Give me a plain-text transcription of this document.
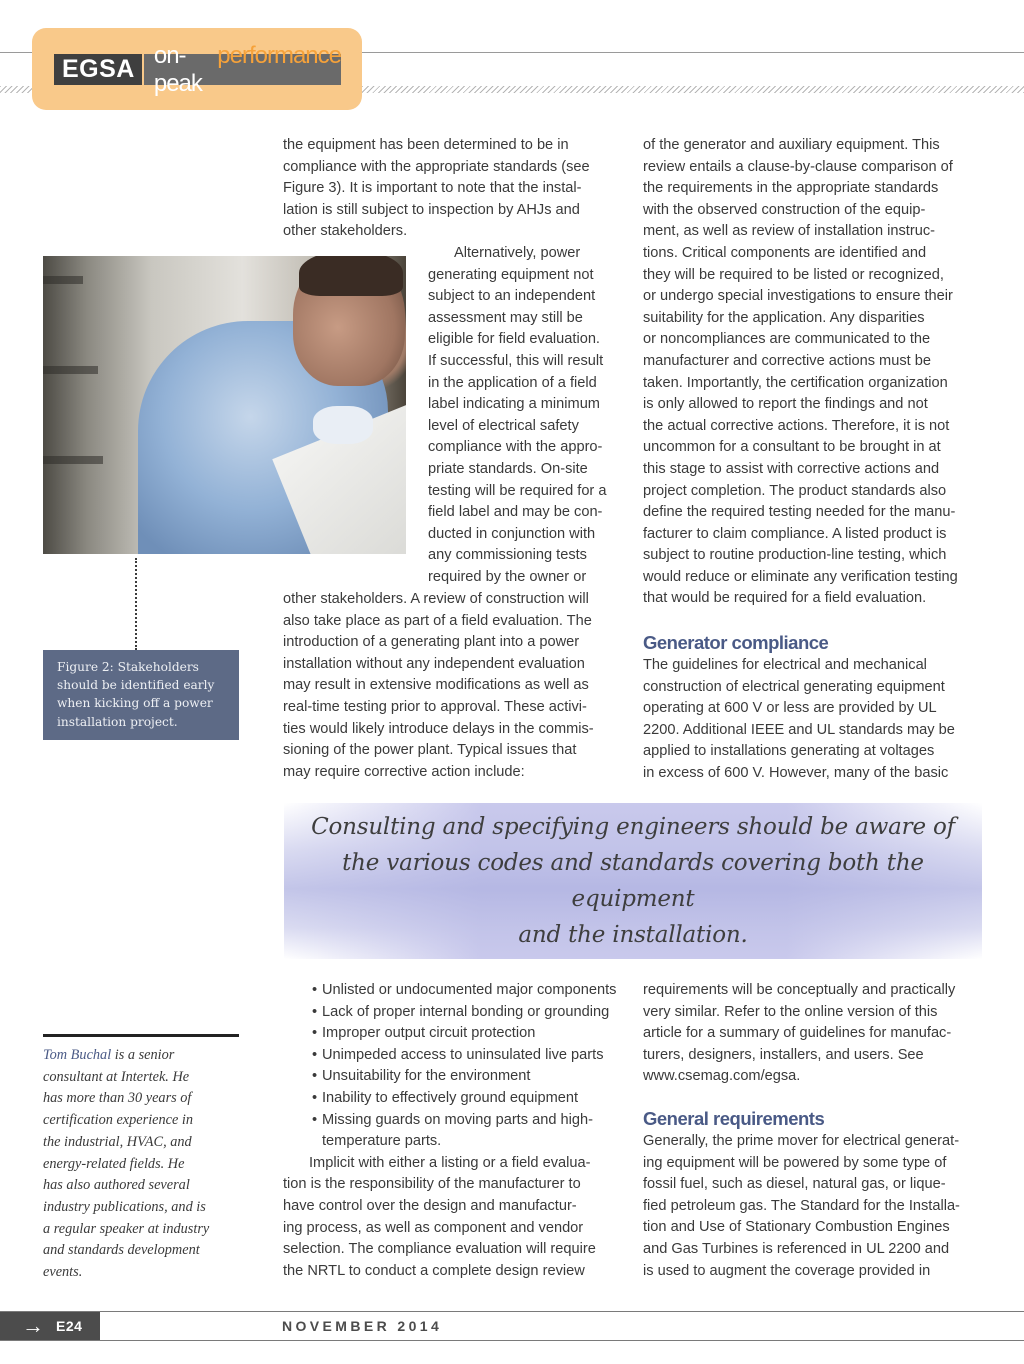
EGSA on-peak
performance

the equipment has been determined to be in

compliance with the appropriate standards (see

Figure 3). It is important to note that the instal-

lation is still subject to inspection by AHJs and

other stakeholders.

Alternatively, power

generating equipment not

subject to an independent

assessment may still be

eligible for field evaluation.

If successful, this will result

in the application of a field

label indicating a minimum

level of electrical safety

compliance with the appro-

priate standards. On-site

testing will be required for a

field label and may be con-

ducted in conjunction with

any commissioning tests

required by the owner or

other stakeholders. A review of construction will

also take place as part of a field evaluation. The

introduction of a generating plant into a power

installation without any independent evaluation

may result in extensive modifications as well as

real-time testing prior to approval. These activi-

ties would likely introduce delays in the commis-

sioning of the power plant. Typical issues that

may require corrective action include:

of the generator and auxiliary equipment. This

review entails a clause-by-clause comparison of

the requirements in the appropriate standards

with the observed construction of the equip-

ment, as well as review of installation instruc-

tions. Critical components are identified and

they will be required to be listed or recognized,

or undergo special investigations to ensure their

suitability for the application. Any disparities

or noncompliances are communicated to the

manufacturer and corrective actions must be

taken. Importantly, the certification organization

is only allowed to report the findings and not

the actual corrective actions. Therefore, it is not

uncommon for a consultant to be brought in at

this stage to assist with corrective actions and

project completion. The product standards also

define the required testing needed for the manu-

facturer to claim compliance. A listed product is

subject to routine production-line testing, which

would reduce or eliminate any verification testing

that would be required for a field evaluation.

Generator compliance

The guidelines for electrical and mechanical

construction of electrical generating equipment

operating at 600 V or less are provided by UL

2200. Additional IEEE and UL standards may be

applied to installations generating at voltages

in excess of 600 V. However, many of the basic

Figure 2: Stakeholders
should be identified early
when kicking off a power
installation project.
Consulting and specifying engineers should be aware of
the various codes and standards covering both the equipment
and the installation.
Tom Buchal is a senior
consultant at Intertek. He
has more than 30 years of
certification experience in
the industrial, HVAC, and
energy-related fields. He
has also authored several
industry publications, and is
a regular speaker at industry
and standards development
events.
• Unlisted or undocumented major components
• Lack of proper internal bonding or grounding
• Improper output circuit protection
• Unimpeded access to uninsulated live parts
• Unsuitability for the environment
• Inability to effectively ground equipment
• Missing guards on moving parts and high-

temperature parts.

Implicit with either a listing or a field evalua-

tion is the responsibility of the manufacturer to

have control over the design and manufactur-

ing process, as well as component and vendor

selection. The compliance evaluation will require

the NRTL to conduct a complete design review

requirements will be conceptually and practically

very similar. Refer to the online version of this

article for a summary of guidelines for manufac-

turers, designers, installers, and users. See

www.csemag.com/egsa.

General requirements

Generally, the prime mover for electrical generat-

ing equipment will be powered by some type of

fossil fuel, such as diesel, natural gas, or lique-

fied petroleum gas. The Standard for the Installa-

tion and Use of Stationary Combustion Engines

and Gas Turbines is referenced in UL 2200 and

is used to augment the coverage provided in

→ E24	NOVEMBER 2014
